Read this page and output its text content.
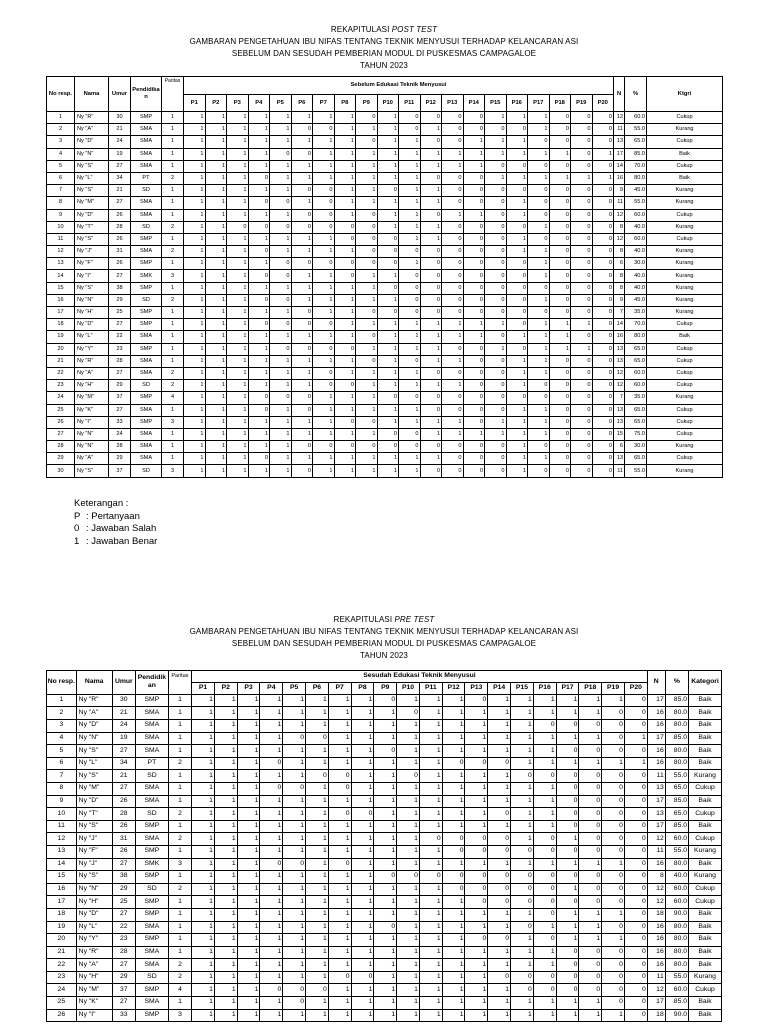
REKAPITULASI POST TEST
GAMBARAN PENGETAHUAN IBU NIFAS TENTANG TEKNIK MENYUSUI TERHADAP KELANCARAN ASI
SEBELUM DAN SESUDAH PEMBERIAN MODUL DI PUSKESMAS CAMPAGALOE
TAHUN 2023
No resp.	Nama	Umur	Pendidika n	Paritas	Sebelum Edukasi Teknik Menyusui																				N	%	Ktgri
					P1	P2	P3	P4	P5	P6	P7	P8	P9	P10	P11	P12	P13	P14	P15	P16	P17	P18	P19	P20			
1	Ny "R"	30	SMP	1	1	1	1	1	1	1	1	1	0	1	0	0	0	0	1	1	1	0	0	0	12	60.0	Cukup
2	Ny "A"	21	SMA	1	1	1	1	1	1	0	0	1	1	1	0	1	0	0	0	0	1	0	0	0	11	55.0	Kurang
3	Ny "D"	24	SMA	1	1	1	1	1	1	1	1	1	0	1	1	0	0	1	1	1	0	0	0	0	13	65.0	Cukup
4	Ny "N"	19	SMA	1	1	1	1	1	0	0	1	1	1	1	1	1	1	1	1	1	1	1	0	1	17	85.0	Baik
5	Ny "S"	27	SMA	1	1	1	1	1	1	1	1	1	1	1	1	1	1	1	0	0	0	0	0	0	14	70.0	Cukup
6	Ny "L"	34	PT	2	1	1	1	0	1	1	1	1	1	1	1	0	0	0	1	1	1	1	1	1	16	80.0	Baik
7	Ny "S"	21	SD	1	1	1	1	1	1	0	0	1	1	0	1	1	0	0	0	0	0	0	0	0	9	45.0	Kurang
8	Ny "M"	27	SMA	1	1	1	1	0	0	1	0	1	1	1	1	1	0	0	0	1	0	0	0	0	11	55.0	Kurang
9	Ny "D"	26	SMA	1	1	1	1	1	1	0	0	1	0	1	1	0	1	1	0	1	0	0	0	0	12	60.0	Cukup
10	Ny "T"	28	SD	2	1	1	0	0	0	0	0	0	0	1	1	1	0	0	0	0	1	0	0	0	8	40.0	Kurang
11	Ny "S"	26	SMP	1	1	1	1	1	1	1	1	0	0	0	1	1	0	0	0	1	0	0	0	0	12	60.0	Cukup
12	Ny "J"	31	SMA	2	1	1	1	0	1	1	1	1	0	0	0	0	0	0	0	1	1	0	0	0	8	40.0	Kurang
13	Ny "F"	26	SMP	1	1	1	1	1	0	0	0	0	0	0	1	0	0	0	0	0	1	0	0	0	6	30.0	Kurang
14	Ny "I"	27	SMK	3	1	1	1	0	0	1	1	0	1	1	0	0	0	0	0	0	1	0	0	0	8	40.0	Kurang
15	Ny "S"	38	SMP	1	1	1	1	1	1	1	1	1	1	0	0	0	0	0	0	0	0	0	0	0	8	40.0	Kurang
16	Ny "N"	29	SD	2	1	1	1	0	0	1	1	1	1	1	0	0	0	0	0	0	1	0	0	0	9	45.0	Kurang
17	Ny "H"	25	SMP	1	1	1	1	1	1	0	1	1	0	0	0	0	0	0	0	0	0	0	0	0	7	35.0	Kurang
18	Ny "D"	27	SMP	1	1	1	1	0	0	0	0	1	1	1	1	1	1	1	1	0	1	1	1	0	14	70.0	Cukup
19	Ny "L"	22	SMA	1	1	1	1	1	1	1	1	1	0	1	1	1	1	1	0	1	1	1	0	0	16	80.0	Baik
20	Ny "Y"	23	SMP	1	1	1	1	1	0	0	0	0	1	1	1	1	0	0	1	0	1	1	1	0	13	65.0	Cukup
21	Ny "R"	28	SMA	1	1	1	1	1	1	1	1	1	0	1	0	1	1	0	0	1	1	0	0	0	13	65.0	Cukup
22	Ny "A"	27	SMA	2	1	1	1	1	1	1	0	1	1	1	1	0	0	0	0	1	1	0	0	0	12	60.0	Cukup
23	Ny "H"	29	SD	2	1	1	1	1	1	1	0	0	1	1	1	1	1	0	0	1	0	0	0	0	12	60.0	Cukup
24	Ny "M"	37	SMP	4	1	1	1	0	0	0	1	1	1	0	0	0	0	0	0	0	0	0	0	0	7	35.0	Kurang
25	Ny "K"	27	SMA	1	1	1	1	0	1	0	1	1	1	1	1	0	0	0	0	1	1	0	0	0	13	65.0	Cukup
26	Ny "I"	33	SMP	3	1	1	1	1	1	1	1	0	0	1	1	1	1	0	1	1	1	0	0	0	13	65.0	Cukup
27	Ny "N"	24	SMA	1	1	1	1	1	1	1	1	1	1	0	0	1	1	1	1	1	1	0	0	0	15	75.0	Cukup
28	Ny "N"	28	SMA	1	1	1	1	1	1	0	0	0	0	0	0	0	0	0	0	1	0	0	0	0	6	30.0	Kurang
29	Ny "A"	29	SMA	1	1	1	1	0	1	1	1	1	1	1	1	1	0	0	0	1	1	0	0	0	13	65.0	Cukup
30	Ny "S"	37	SD	3	1	1	1	1	1	0	1	1	1	1	1	0	0	0	0	1	0	0	0	0	11	55.0	Kurang
Keterangan :
P : Pertanyaan
0 : Jawaban Salah
1 : Jawaban Benar
REKAPITULASI PRE TEST
GAMBARAN PENGETAHUAN IBU NIFAS TENTANG TEKNIK MENYUSUI TERHADAP KELANCARAN ASI
SEBELUM DAN SESUDAH PEMBERIAN MODUL DI PUSKESMAS CAMPAGALOE
TAHUN 2023
No resp.	Nama	Umur	Pendidik an	Paritas	Sesudah Edukasi Teknik Menyusui																				N	%	Kategori
					P1	P2	P3	P4	P5	P6	P7	P8	P9	P10	P11	P12	P13	P14	P15	P16	P17	P18	P19	P20			
1	Ny "R"	30	SMP	1	1	1	1	1	1	1	1	1	0	1	1	1	0	1	1	1	1	1	1	0	17	85.0	Baik
2	Ny "A"	21	SMA	1	1	1	1	1	1	1	1	1	1	0	1	1	1	1	1	1	1	1	0	0	16	80.0	Baik
3	Ny "D"	24	SMA	1	1	1	1	1	1	1	1	1	1	1	1	1	1	1	1	0	0	0	0	0	16	80.0	Baik
4	Ny "N"	19	SMA	1	1	1	1	1	0	0	1	1	1	1	1	1	1	1	1	1	1	1	0	1	17	85.0	Baik
5	Ny "S"	27	SMA	1	1	1	1	1	1	1	1	1	0	1	1	1	1	1	1	1	0	0	0	0	16	80.0	Baik
6	Ny "L"	34	PT	2	1	1	1	0	1	1	1	1	1	1	1	0	0	0	1	1	1	1	1	1	16	80.0	Baik
7	Ny "S"	21	SD	1	1	1	1	1	1	0	0	1	1	0	1	1	1	1	0	0	0	0	0	0	11	55.0	Kurang
8	Ny "M"	27	SMA	1	1	1	1	0	0	1	0	1	1	1	1	1	1	1	1	1	0	0	0	0	13	65.0	Cukup
9	Ny "D"	26	SMA	1	1	1	1	1	1	1	1	1	1	1	1	1	1	1	1	1	0	0	0	0	17	85.0	Baik
10	Ny "T"	28	SD	2	1	1	1	1	1	1	0	0	1	1	1	1	1	0	1	1	0	0	0	0	13	65.0	Cukup
11	Ny "S"	26	SMP	1	1	1	1	1	1	1	1	1	1	1	1	1	1	1	1	1	0	0	0	0	17	85.0	Baik
12	Ny "J"	31	SMA	2	1	1	1	1	1	1	1	1	1	1	0	0	0	0	1	0	1	0	0	0	12	60.0	Cukup
13	Ny "F"	26	SMP	1	1	1	1	1	1	1	1	1	1	1	1	0	0	0	0	0	0	0	0	0	11	55.0	Kurang
14	Ny "J"	27	SMK	3	1	1	1	0	0	1	0	1	1	1	1	1	1	1	1	1	1	1	1	0	16	80.0	Baik
15	Ny "S"	38	SMP	1	1	1	1	1	1	1	1	1	0	0	0	0	0	0	0	0	0	0	0	0	8	40.0	Kurang
16	Ny "N"	29	SD	2	1	1	1	1	1	1	1	1	1	1	1	0	0	0	0	0	1	0	0	0	12	60.0	Cukup
17	Ny "H"	25	SMP	1	1	1	1	1	1	1	1	1	1	1	1	1	0	0	0	0	0	0	0	0	12	60.0	Cukup
18	Ny "D"	27	SMP	1	1	1	1	1	1	1	1	1	1	1	1	1	1	1	1	0	1	1	1	0	18	90.0	Baik
19	Ny "L"	22	SMA	1	1	1	1	1	1	1	1	1	0	1	1	1	1	1	0	1	1	1	0	0	16	80.0	Baik
20	Ny "Y"	23	SMP	1	1	1	1	1	1	1	1	1	1	1	1	1	0	0	1	0	1	1	1	0	16	80.0	Baik
21	Ny "R"	28	SMA	1	1	1	1	1	1	1	1	1	1	1	1	1	1	1	1	1	0	0	0	0	16	80.0	Baik
22	Ny "A"	27	SMA	2	1	1	1	1	1	1	1	1	1	1	1	1	1	1	1	1	0	0	0	0	16	80.0	Baik
23	Ny "H"	29	SD	2	1	1	1	1	1	1	0	0	1	1	1	1	1	0	0	0	0	0	0	0	11	55.0	Kurang
24	Ny "M"	37	SMP	4	1	1	1	0	0	0	1	1	1	1	1	1	1	1	0	0	0	0	0	0	12	60.0	Cukup
25	Ny "K"	27	SMA	1	1	1	1	1	0	1	1	1	1	1	1	1	1	1	1	1	1	1	0	0	17	85.0	Baik
26	Ny "I"	33	SMP	3	1	1	1	1	1	1	1	1	1	1	1	1	1	1	1	1	1	1	1	0	18	90.0	Baik
